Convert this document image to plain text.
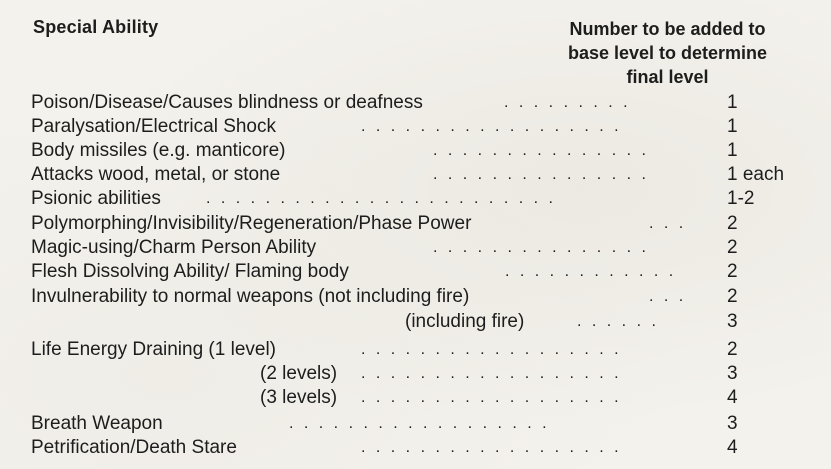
Special Ability	Number to be added to
base level to determine
final level
Poison/Disease/Causes blindness or deafness	. . . . . . . . .	1
Paralysation/Electrical Shock	. . . . . . . . . . . . . . . . . .	1
Body missiles (e.g. manticore)	. . . . . . . . . . . . . . .	1
Attacks wood, metal, or stone	. . . . . . . . . . . . . . .	1 each
Psionic abilities	. . . . . . . . . . . . . . . . . . . . . . . .	1-2
Polymorphing/Invisibility/Regeneration/Phase Power	. . . 2
Magic-using/Charm Person Ability	. . . . . . . . . . . . . . .	2
Flesh Dissolving Ability/ Flaming body	. . . . . . . . . . . .	2
Invulnerability to normal weapons (not including fire)	. . . 2
(including fire)	. . . . . .	3
Life Energy Draining (1 level)	. . . . . . . . . . . . . . . . . .	2
(2 levels) . . . . . . . . . . . . . . . . . .	3
(3 levels) . . . . . . . . . . . . . . . . . .	4
Breath Weapon	. . . . . . . . . . . . . . . . . .	3
Petrification/Death Stare	. . . . . . . . . . . . . . . . . .	4
